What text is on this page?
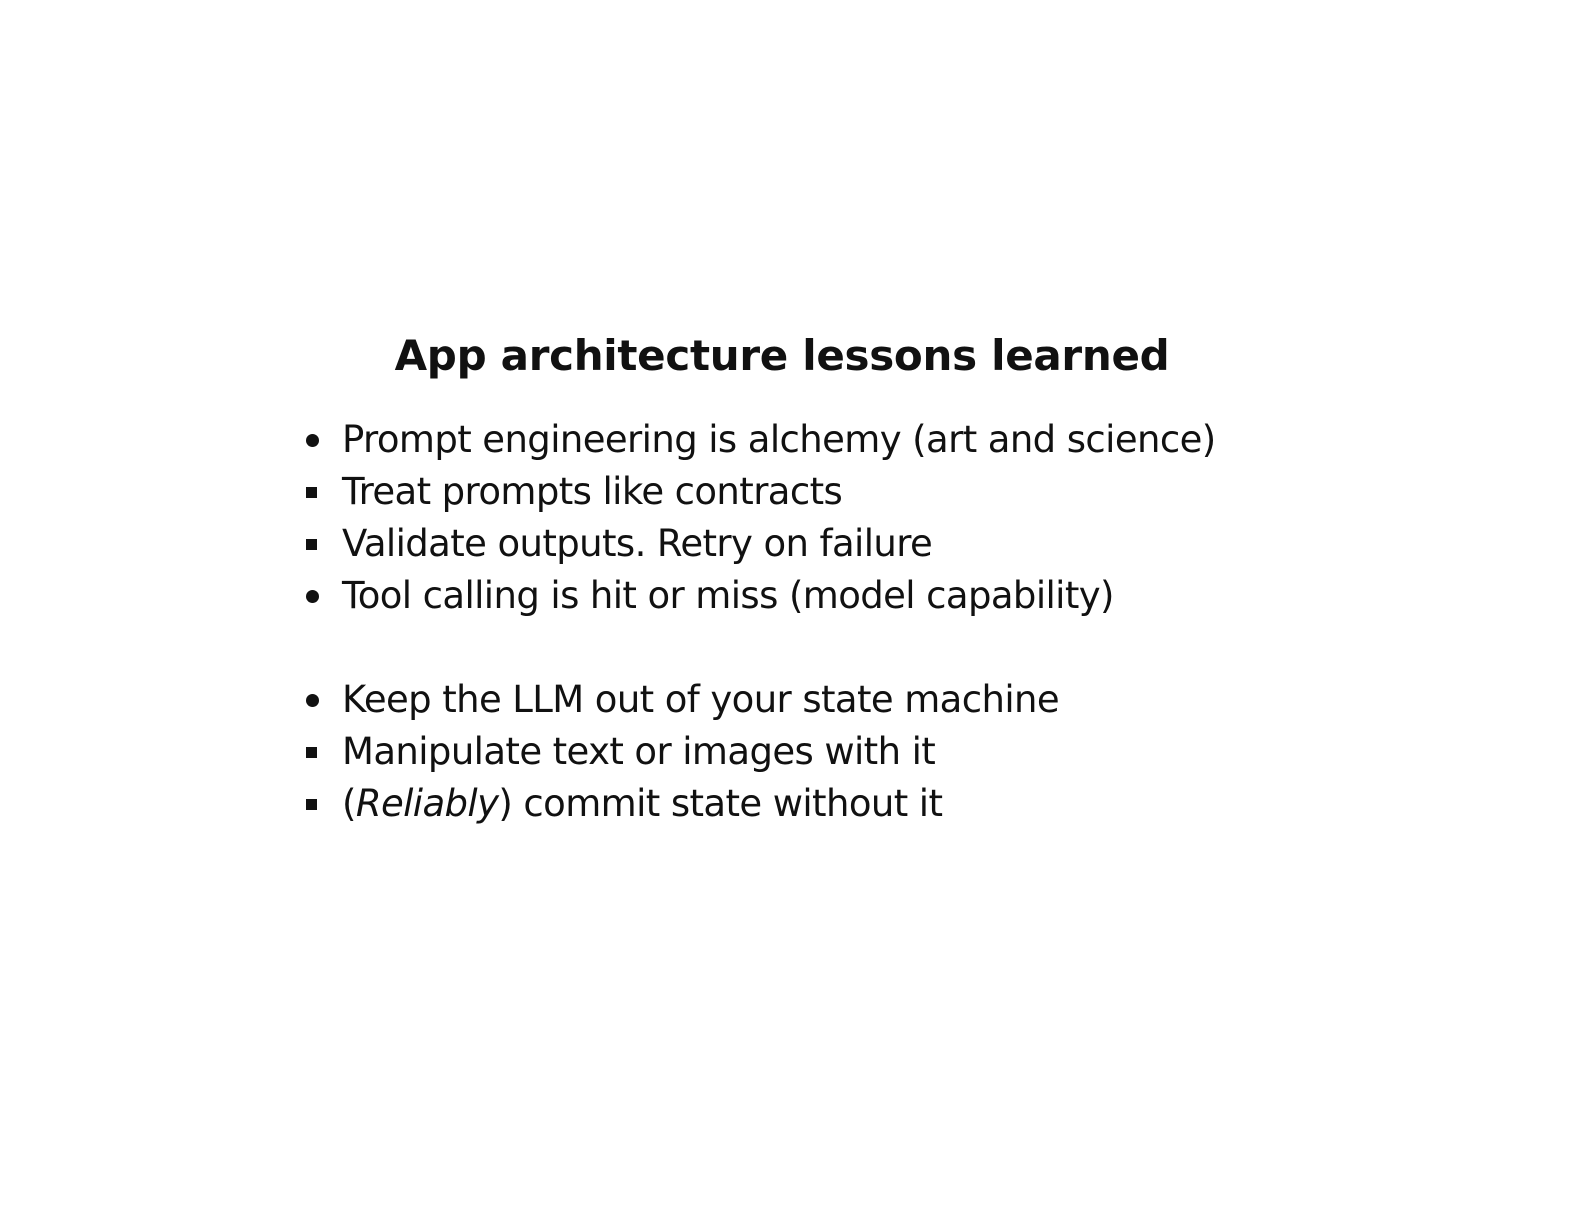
App architecture lessons learned
Prompt engineering is alchemy (art and science)
Treat prompts like contracts
Validate outputs. Retry on failure
Tool calling is hit or miss (model capability)
Keep the LLM out of your state machine
Manipulate text or images with it
(Reliably) commit state without it
